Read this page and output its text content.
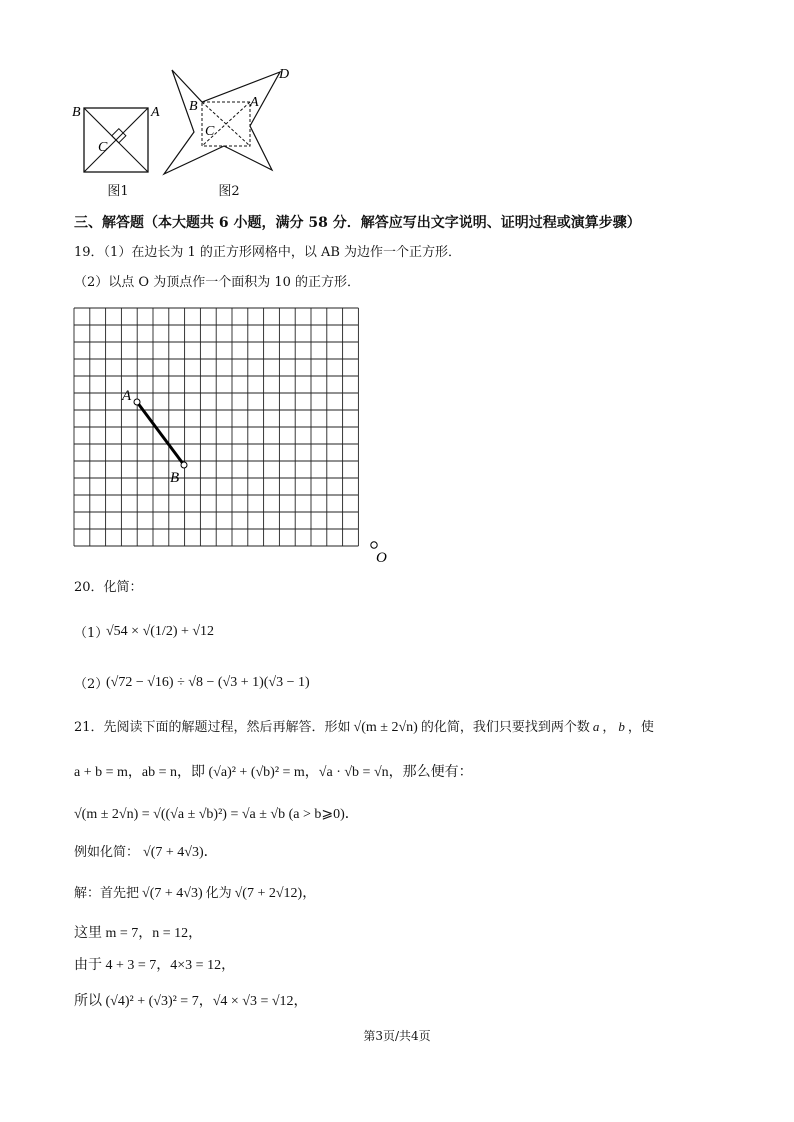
B	A
C
B	A
C
D
图1	图2
三、解答题（本大题共 6 小题，满分 58 分．解答应写出文字说明、证明过程或演算步骤）
19．（1）在边长为 1 的正方形网格中，以 AB 为边作一个正方形．
（2）以点 O 为顶点作一个面积为 10 的正方形．
A
B
O
20．化简：
（1）
√54 × √(1/2) + √12
（2）
(√72 − √16) ÷ √8 − (√3 + 1)(√3 − 1)
21．先阅读下面的解题过程，然后再解答．形如 √(m ± 2√n) 的化简，我们只要找到两个数 a ， b ，使
a + b = m，ab = n，即 (√a)² + (√b)² = m，√a · √b = √n，那么便有：
√(m ± 2√n) = √((√a ± √b)²) = √a ± √b (a > b⩾0)．
例如化简： √(7 + 4√3)．
解：首先把 √(7 + 4√3) 化为 √(7 + 2√12)，
这里 m = 7，n = 12，
由于 4 + 3 = 7，4×3 = 12，
所以 (√4)² + (√3)² = 7，√4 × √3 = √12，
第3页/共4页
